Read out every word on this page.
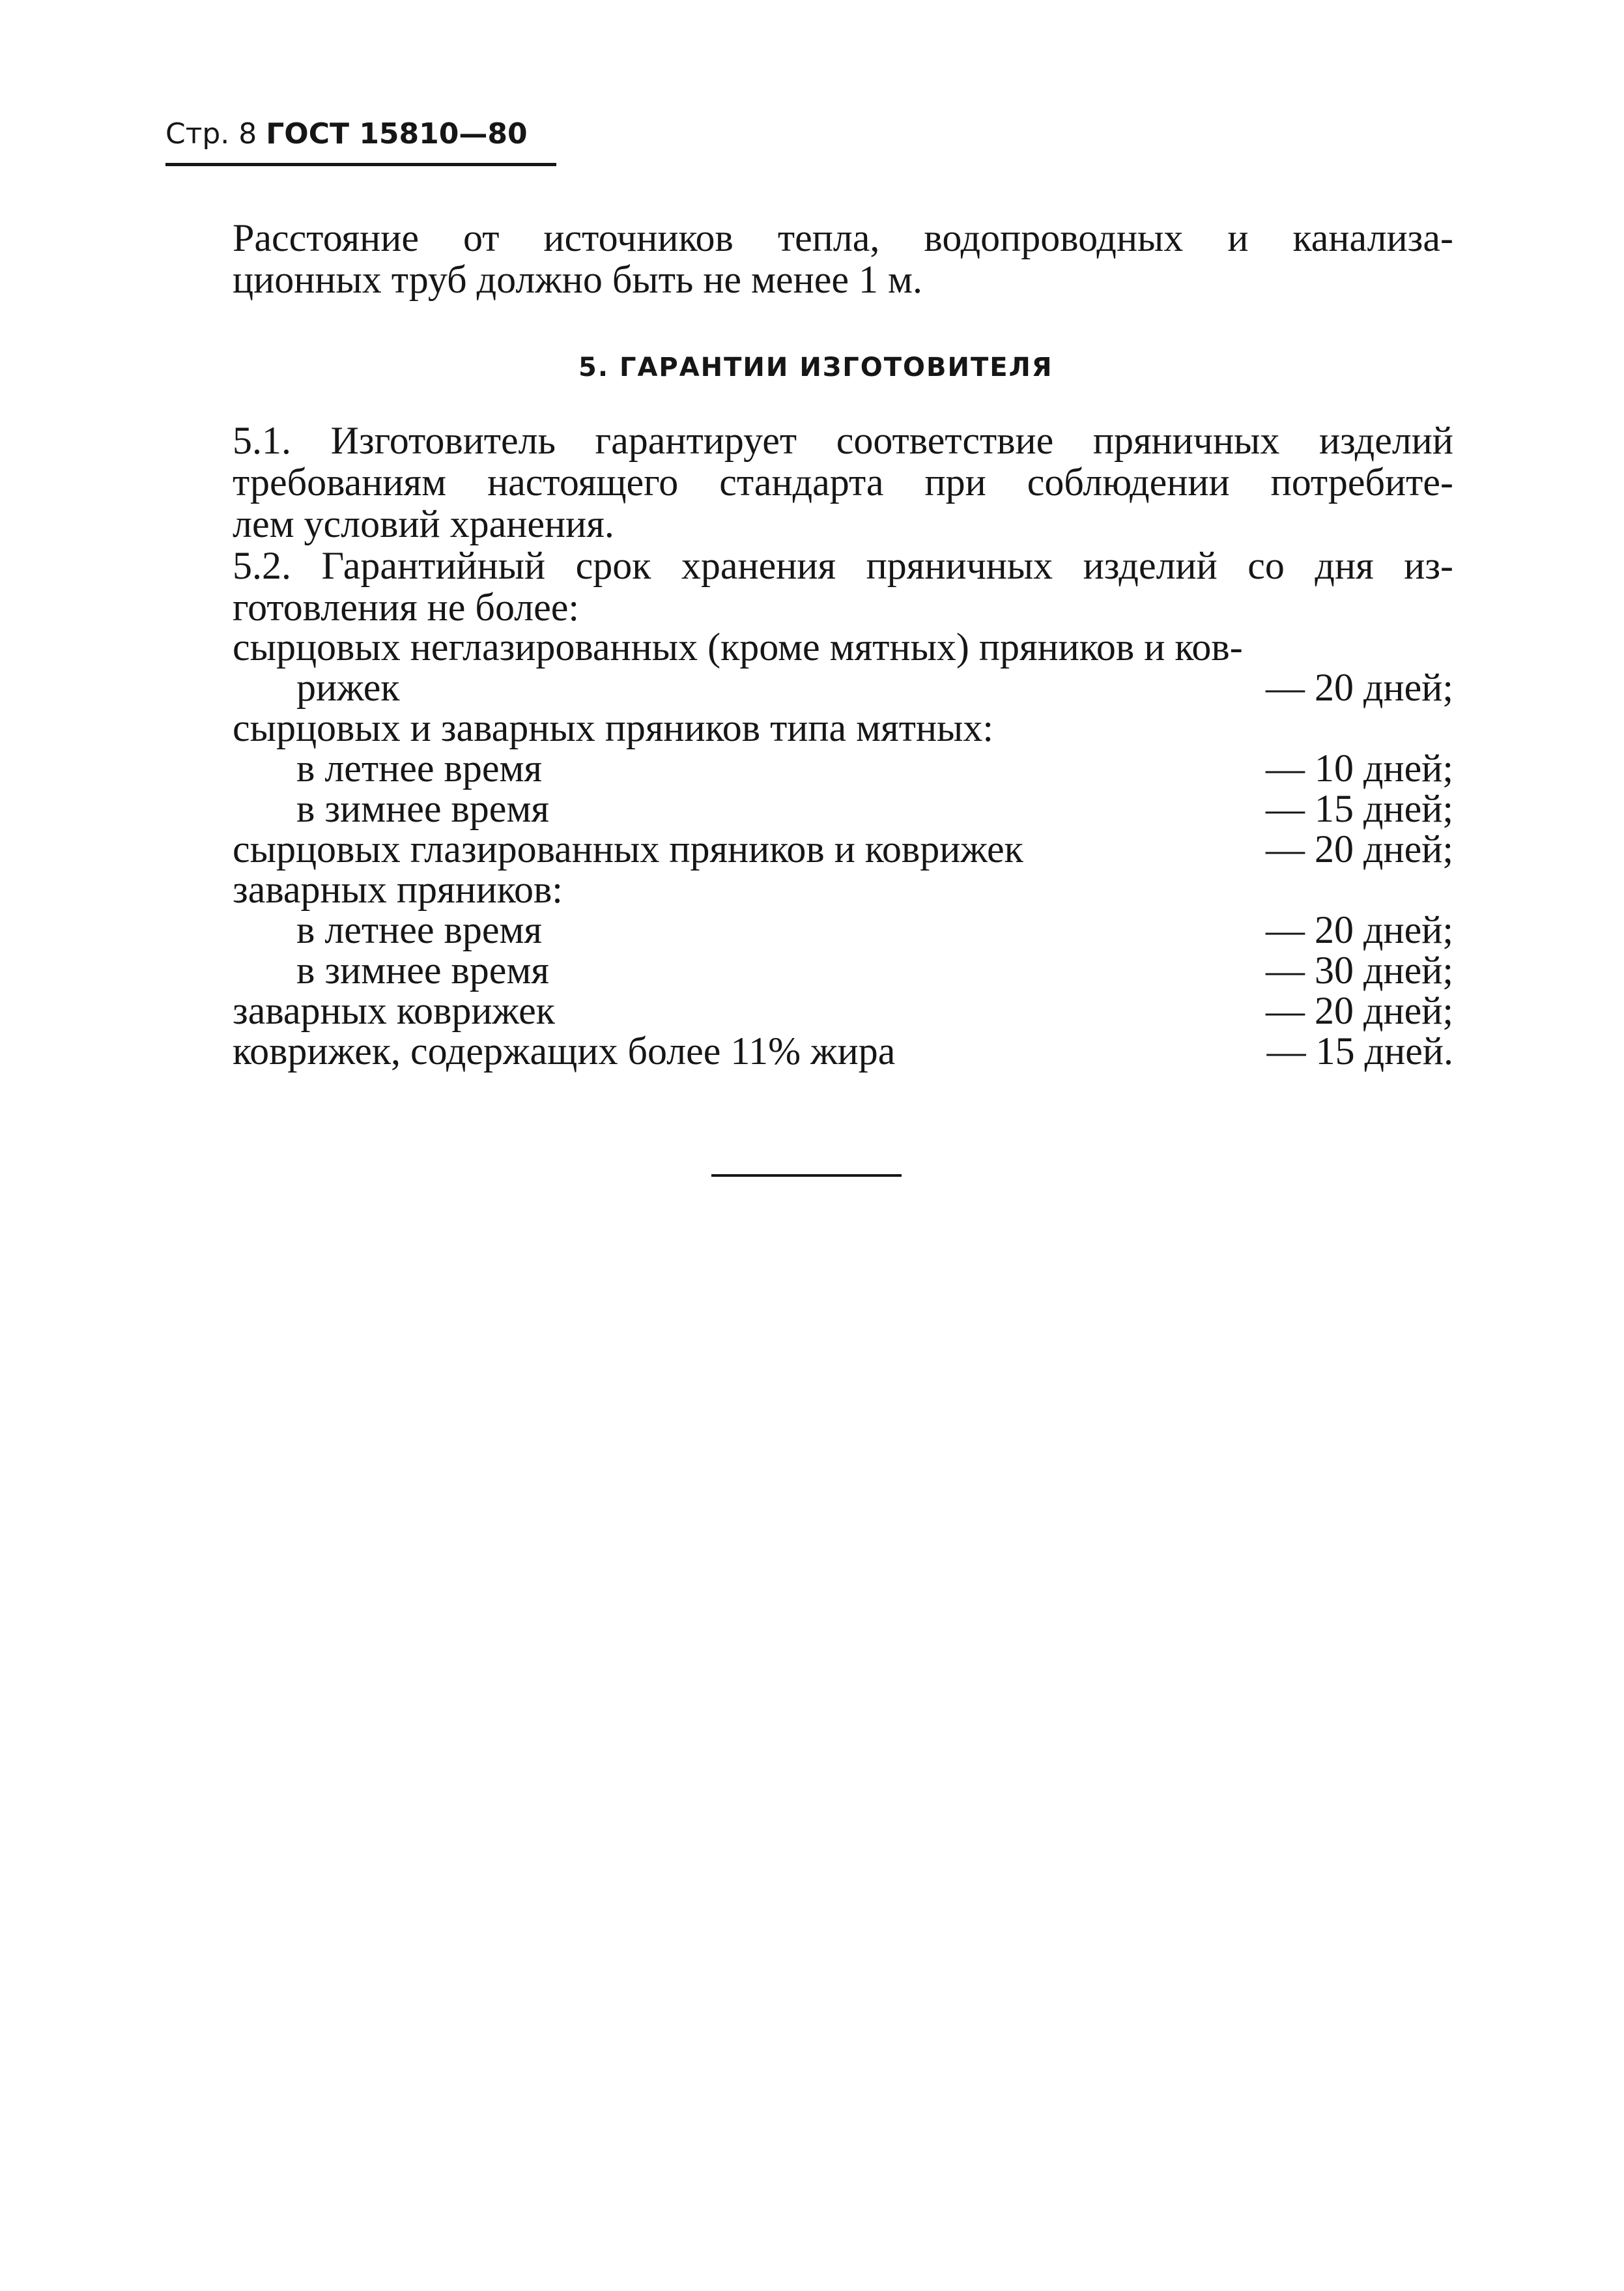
Стр. 8 ГОСТ 15810—80
Расстояние от источников тепла, водопроводных и канализа-
ционных труб должно быть не менее 1 м.
5. ГАРАНТИИ ИЗГОТОВИТЕЛЯ
5.1. Изготовитель гарантирует соответствие пряничных изделий
требованиям настоящего стандарта при соблюдении потребите-
лем условий хранения.
5.2. Гарантийный срок хранения пряничных изделий со дня из-
готовления не более:
сырцовых неглазированных (кроме мятных) пряников и ков-
рижек	— 20 дней;
сырцовых и заварных пряников типа мятных:
в летнее время	— 10 дней;
в зимнее время	— 15 дней;
сырцовых глазированных пряников и коврижек	— 20 дней;
заварных пряников:
в летнее время	— 20 дней;
в зимнее время	— 30 дней;
заварных коврижек	— 20 дней;
коврижек, содержащих более 11% жира	— 15 дней.
